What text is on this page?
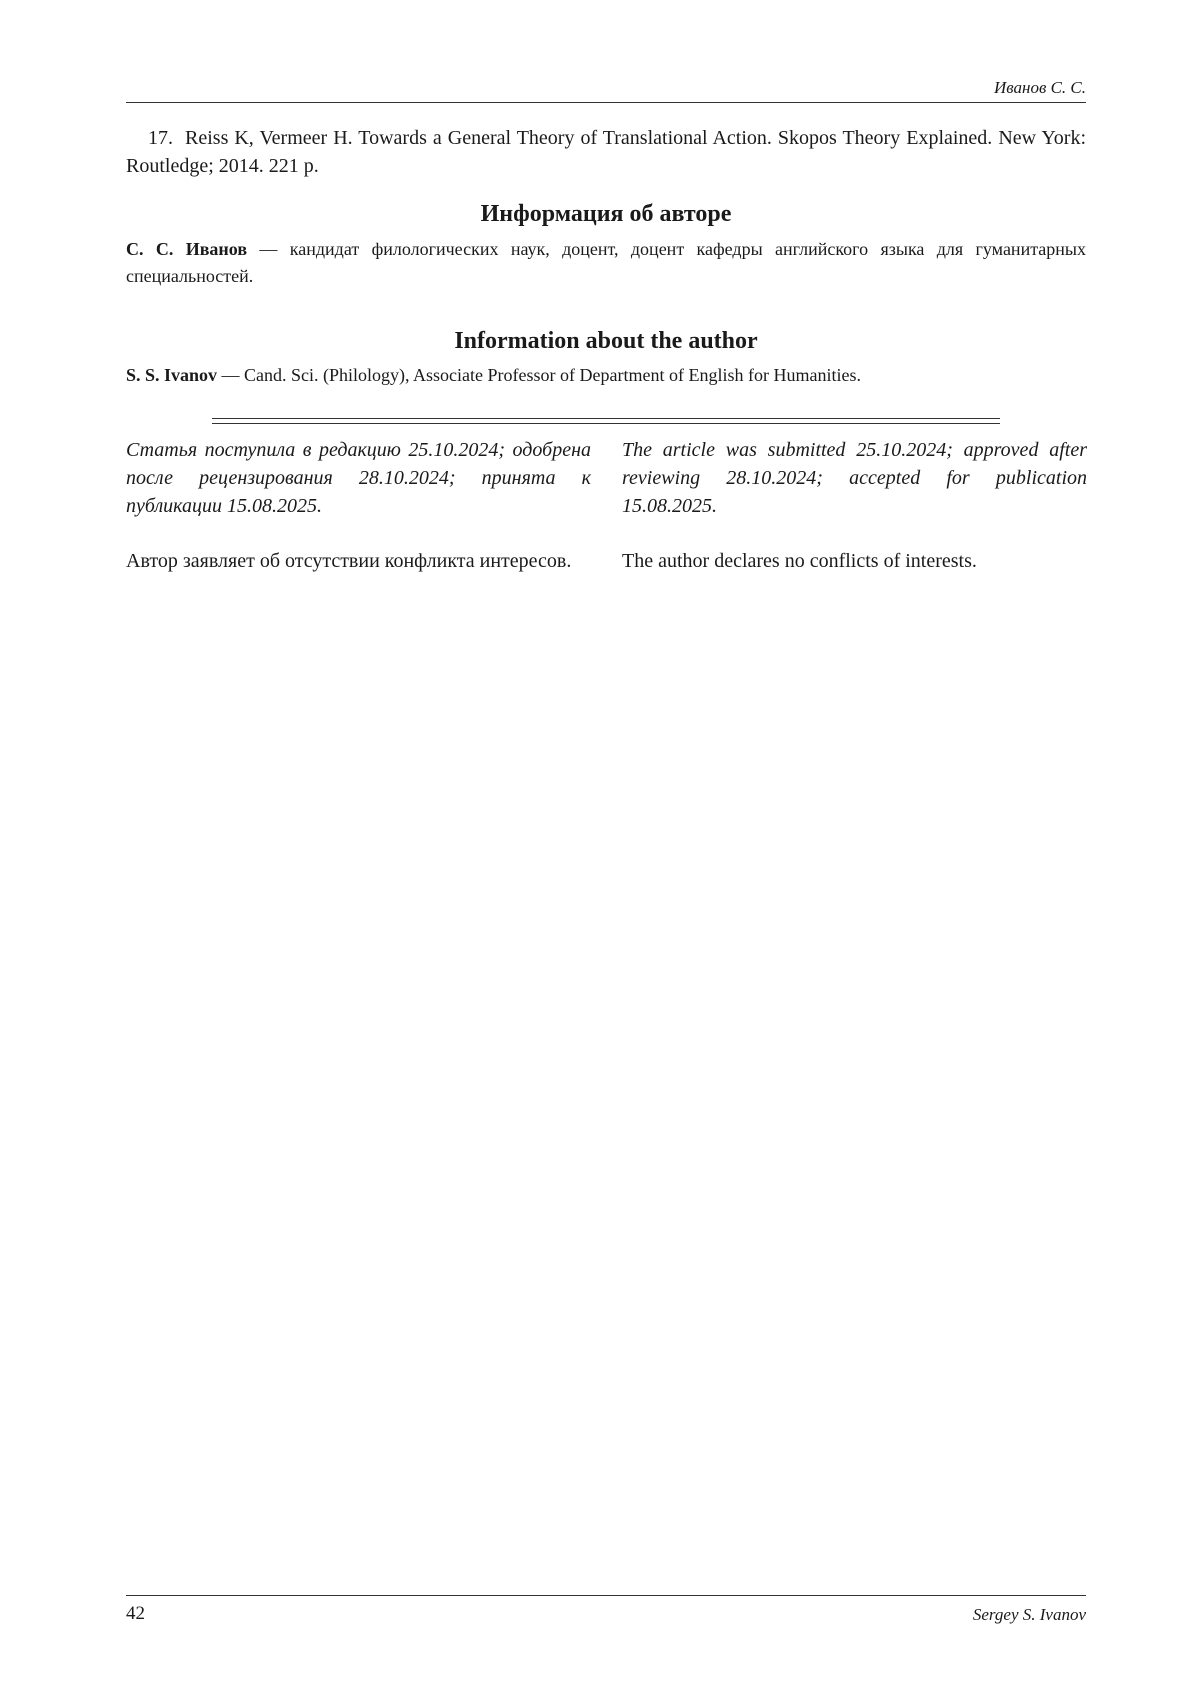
Иванов С. С.
17. Reiss K, Vermeer H. Towards a General Theory of Translational Action. Skopos Theory Explained. New York: Routledge; 2014. 221 p.
Информация об авторе
С. С. Иванов — кандидат филологических наук, доцент, доцент кафедры английского языка для гуманитарных специальностей.
Information about the author
S. S. Ivanov — Cand. Sci. (Philology), Associate Professor of Department of English for Humanities.

Статья поступила в редакцию 25.10.2024; одобрена после рецензирования 28.10.2024; принята к публикации 15.08.2025.

Автор заявляет об отсутствии конфликта интересов.

The article was submitted 25.10.2024; approved after reviewing 28.10.2024; accepted for publication 15.08.2025.

The author declares no conflicts of interests.

42	Sergey S. Ivanov
